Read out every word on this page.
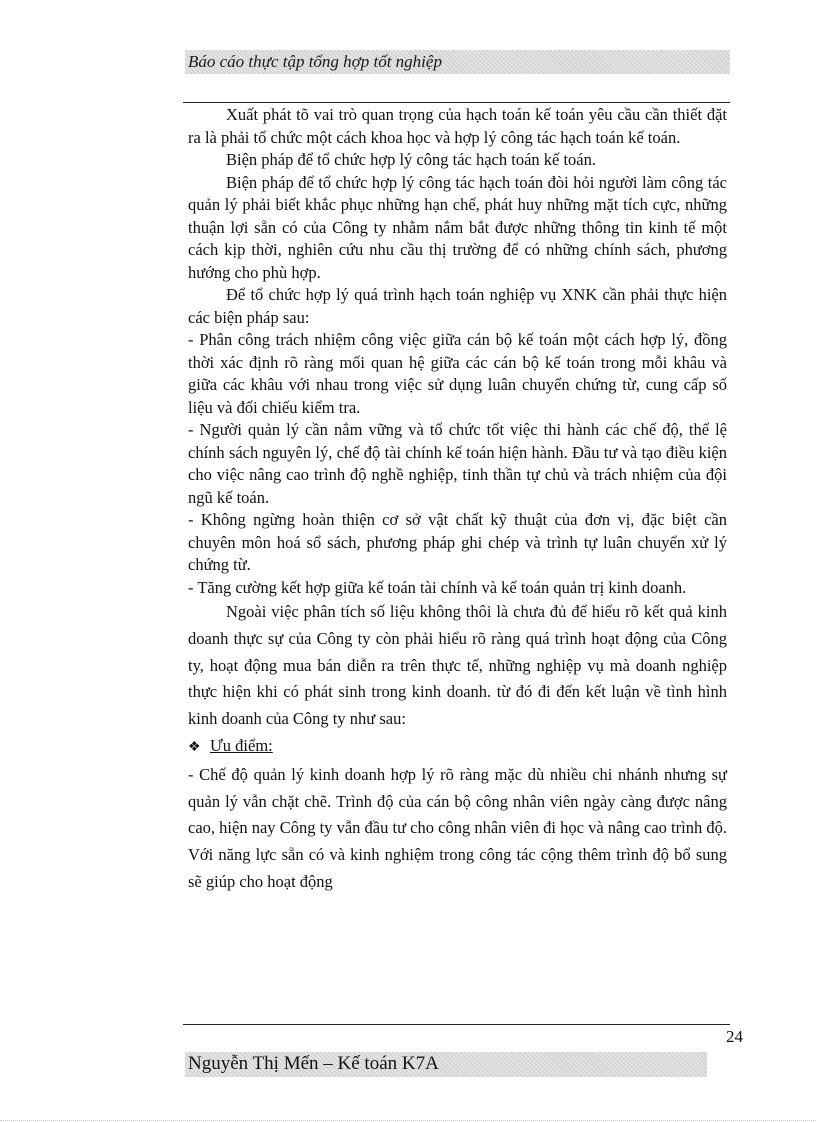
Báo cáo thực tập tổng hợp tốt nghiệp

Xuất phát tõ vai trò quan trọng của hạch toán kế toán yêu cầu cần thiết đặt ra là phải tổ chức một cách khoa học và hợp lý công tác hạch toán kế toán.

Biện pháp để tổ chức hợp lý công tác hạch toán kế toán.

Biện pháp để tổ chức hợp lý công tác hạch toán đòi hỏi người làm công tác quản lý phải biết khắc phục những hạn chế, phát huy những mặt tích cực, những thuận lợi sẵn có của Công ty nhằm nắm bắt được những thông tin kinh tế một cách kịp thời, nghiên cứu nhu cầu thị trường để có những chính sách, phương hướng cho phù hợp.

Để tổ chức hợp lý quá trình hạch toán nghiệp vụ XNK cần phải thực hiện các biện pháp sau:

- Phân công trách nhiệm công việc giữa cán bộ kế toán một cách hợp lý, đồng thời xác định rõ ràng mối quan hệ giữa các cán bộ kế toán trong mỗi khâu và giữa các khâu với nhau trong việc sử dụng luân chuyển chứng từ, cung cấp số liệu và đối chiếu kiểm tra.

- Người quản lý cần nắm vững và tổ chức tốt việc thi hành các chế độ, thể lệ chính sách nguyên lý, chế độ tài chính kế toán hiện hành. Đầu tư và tạo điều kiện cho việc nâng cao trình độ nghề nghiệp, tinh thần tự chủ và trách nhiệm của đội ngũ kế toán.

- Không ngừng hoàn thiện cơ sở vật chất kỹ thuật của đơn vị, đặc biệt cần chuyên môn hoá sổ sách, phương pháp ghi chép và trình tự luân chuyển xử lý chứng từ.

- Tăng cường kết hợp giữa kế toán tài chính và kế toán quản trị kinh doanh.

Ngoài việc phân tích số liệu không thôi là chưa đủ để hiểu rõ kết quả kinh doanh thực sự của Công ty còn phải hiểu rõ ràng quá trình hoạt động của Công ty, hoạt động mua bán diễn ra trên thực tế, những nghiệp vụ mà doanh nghiệp thực hiện khi có phát sinh trong kinh doanh. từ đó đi đến kết luận về tình hình kinh doanh của Công ty như sau:

❖ Ưu điểm:

- Chế độ quản lý kinh doanh hợp lý rõ ràng mặc dù nhiều chi nhánh nhưng sự quản lý vẫn chặt chẽ. Trình độ của cán bộ công nhân viên ngày càng được nâng cao, hiện nay Công ty vẫn đầu tư cho công nhân viên đi học và nâng cao trình độ. Với năng lực sẵn có và kinh nghiệm trong công tác cộng thêm trình độ bổ sung sẽ giúp cho hoạt động

24
Nguyễn Thị Mến – Kế toán K7A
